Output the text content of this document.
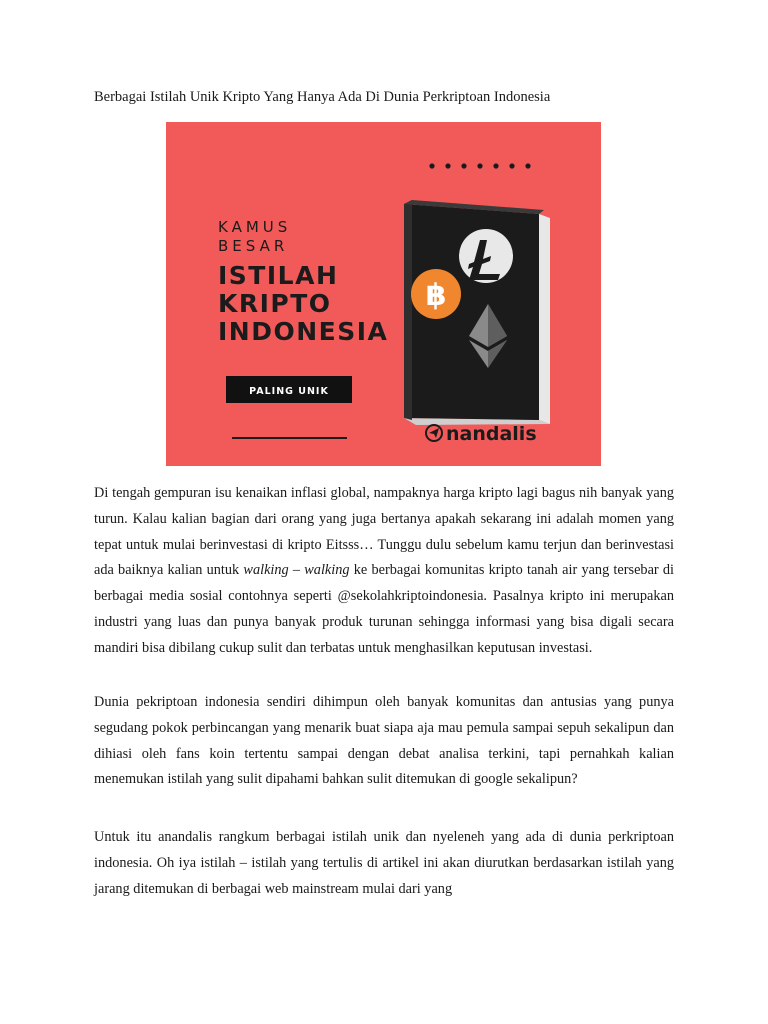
Berbagai Istilah Unik Kripto Yang Hanya Ada Di Dunia Perkriptoan Indonesia
KAMUS
BESAR
ISTILAH
KRIPTO
INDONESIA
PALING UNIK
฿
nandalis

Di tengah gempuran isu kenaikan inflasi global, nampaknya harga kripto lagi bagus nih banyak yang turun. Kalau kalian bagian dari orang yang juga bertanya apakah sekarang ini adalah momen yang tepat untuk mulai berinvestasi di kripto Eitsss… Tunggu dulu sebelum kamu terjun dan berinvestasi ada baiknya kalian untuk walking – walking ke berbagai komunitas kripto tanah air yang tersebar di berbagai media sosial contohnya seperti @sekolahkriptoindonesia. Pasalnya kripto ini merupakan industri yang luas dan punya banyak produk turunan sehingga informasi yang bisa digali secara mandiri bisa dibilang cukup sulit dan terbatas untuk menghasilkan keputusan investasi.

Dunia pekriptoan indonesia sendiri dihimpun oleh banyak komunitas dan antusias yang punya segudang pokok perbincangan yang menarik buat siapa aja mau pemula sampai sepuh sekalipun dan dihiasi oleh fans koin tertentu sampai dengan debat analisa terkini, tapi pernahkah kalian menemukan istilah yang sulit dipahami bahkan sulit ditemukan di google sekalipun?

Untuk itu anandalis rangkum berbagai istilah unik dan nyeleneh yang ada di dunia perkriptoan indonesia. Oh iya istilah – istilah yang tertulis di artikel ini akan diurutkan berdasarkan istilah yang jarang ditemukan di berbagai web mainstream mulai dari yang
